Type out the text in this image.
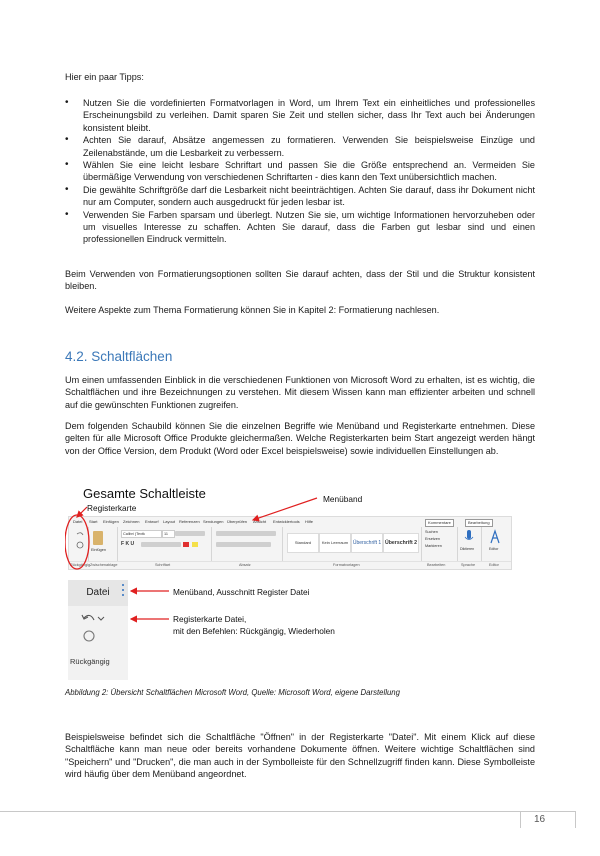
Hier ein paar Tipps:

• Nutzen Sie die vordefinierten Formatvorlagen in Word, um Ihrem Text ein einheitliches und professionelles Erscheinungsbild zu verleihen. Damit sparen Sie Zeit und stellen sicher, dass Ihr Text auch bei Änderungen konsistent bleibt.
• Achten Sie darauf, Absätze angemessen zu formatieren. Verwenden Sie beispielsweise Einzüge und Zeilenabstände, um die Lesbarkeit zu verbessern.
• Wählen Sie eine leicht lesbare Schriftart und passen Sie die Größe entsprechend an. Vermeiden Sie übermäßige Verwendung von verschiedenen Schriftarten - dies kann den Text unübersichtlich machen.
• Die gewählte Schriftgröße darf die Lesbarkeit nicht beeinträchtigen. Achten Sie darauf, dass ihr Dokument nicht nur am Computer, sondern auch ausgedruckt für jeden lesbar ist.
• Verwenden Sie Farben sparsam und überlegt. Nutzen Sie sie, um wichtige Informationen hervorzuheben oder um visuelles Interesse zu schaffen. Achten Sie darauf, dass die Farben gut lesbar sind und einen professionellen Eindruck vermitteln.

Beim Verwenden von Formatierungsoptionen sollten Sie darauf achten, dass der Stil und die Struktur konsistent bleiben.

Weitere Aspekte zum Thema Formatierung können Sie in Kapitel 2: Formatierung nachlesen.

4.2. Schaltflächen

Um einen umfassenden Einblick in die verschiedenen Funktionen von Microsoft Word zu erhalten, ist es wichtig, die Schaltflächen und ihre Bezeichnungen zu verstehen. Mit diesem Wissen kann man effizienter arbeiten und schnell auf die gewünschten Funktionen zugreifen.

Dem folgenden Schaubild können Sie die einzelnen Begriffe wie Menüband und Registerkarte entnehmen. Diese gelten für alle Microsoft Office Produkte gleichermaßen. Welche Registerkarten beim Start angezeigt werden hängt von der Office Version, dem Produkt (Word oder Excel beispielsweise) sowie individuellen Einstellungen ab.

Gesamte Schaltleiste
Registerkarte
Menüband
Datei Start Einfügen Zeichnen Entwurf Layout Referenzen Sendungen Überprüfen Ansicht Entwicklertools Hilfe	Kommentare	Bearbeitung
Einfügen
Calibri (Textk	11
F K U	Standard	Kein Leerraum Überschrift 1 Überschrift 2
Suchen
Ersetzen
Markieren
Diktieren	Editor
Rückgängig Zwischenablage	Schriftart	Absatz	Formatvorlagen	Bearbeiten	Sprache	Editor
Datei
Rückgängig
Menüband, Ausschnitt Register Datei
Registerkarte Datei,
mit den Befehlen: Rückgängig, Wiederholen
Abbildung 2: Übersicht Schaltflächen Microsoft Word, Quelle: Microsoft Word, eigene Darstellung

Beispielsweise befindet sich die Schaltfläche "Öffnen" in der Registerkarte "Datei". Mit einem Klick auf diese Schaltfläche kann man neue oder bereits vorhandene Dokumente öffnen. Weitere wichtige Schaltflächen sind "Speichern" und "Drucken", die man auch in der Symbolleiste für den Schnellzugriff finden kann. Diese Symbolleiste wird häufig über dem Menüband angeordnet.

16
